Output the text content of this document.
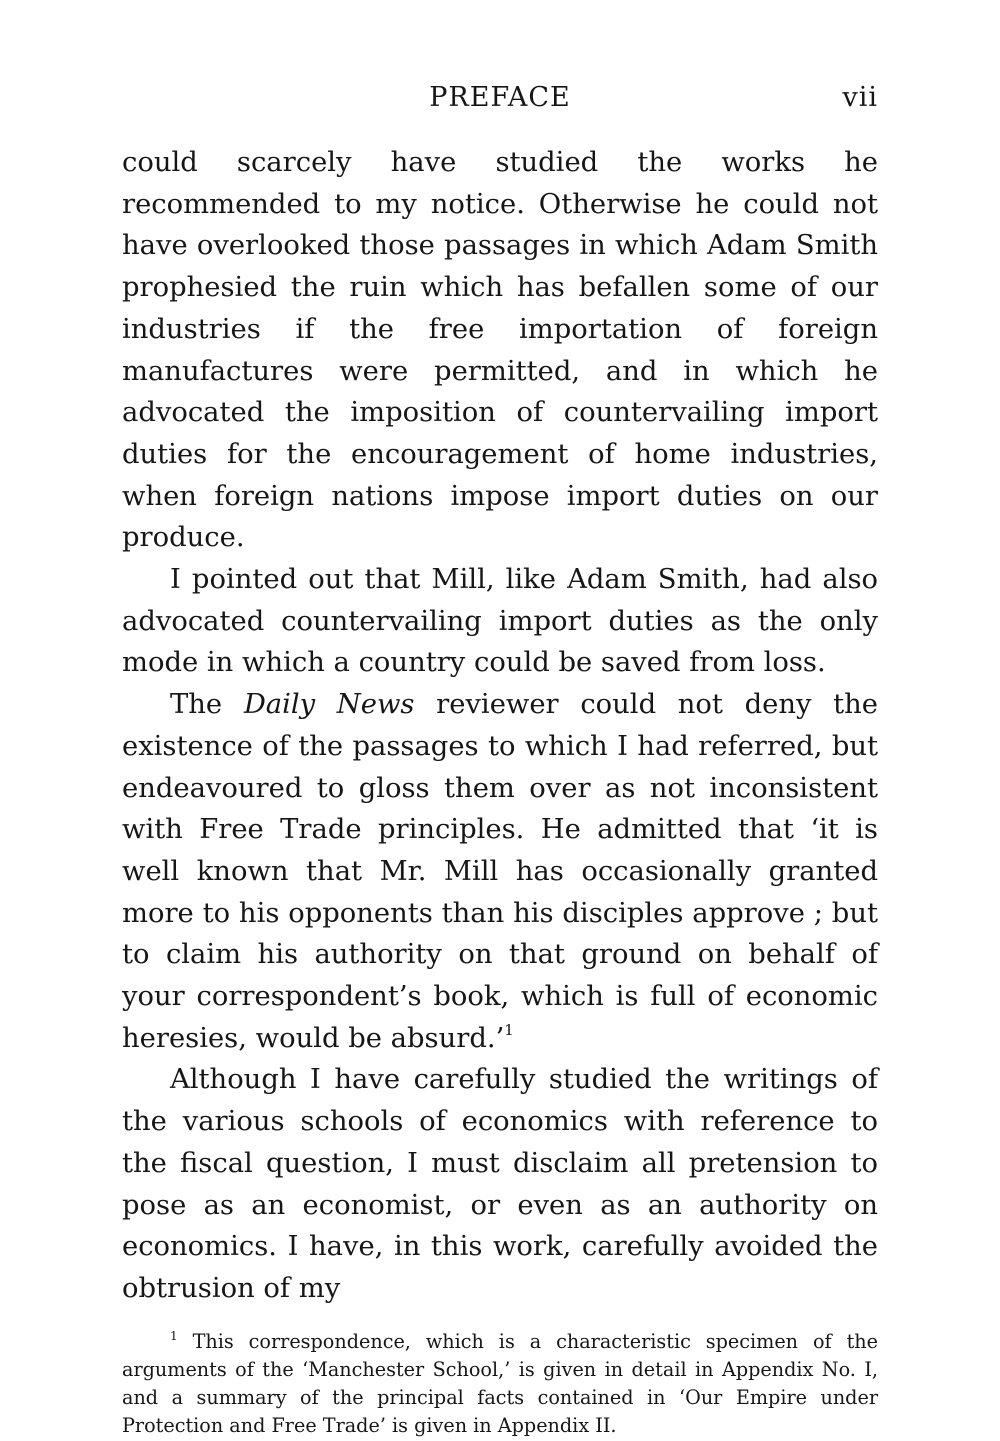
PREFACE	vii

could scarcely have studied the works he recommended to my notice. Otherwise he could not have overlooked those passages in which Adam Smith prophesied the ruin which has befallen some of our industries if the free importation of foreign manufactures were permitted, and in which he advocated the imposition of countervailing import duties for the encouragement of home industries, when foreign nations impose import duties on our produce.

I pointed out that Mill, like Adam Smith, had also advocated countervailing import duties as the only mode in which a country could be saved from loss.

The Daily News reviewer could not deny the existence of the passages to which I had referred, but endeavoured to gloss them over as not inconsistent with Free Trade principles. He admitted that ‘it is well known that Mr. Mill has occasionally granted more to his opponents than his disciples approve ; but to claim his authority on that ground on behalf of your correspondent’s book, which is full of economic heresies, would be absurd.’$^1$

Although I have carefully studied the writings of the various schools of economics with reference to the fiscal question, I must disclaim all pretension to pose as an economist, or even as an authority on economics. I have, in this work, carefully avoided the obtrusion of my

$^1$ This correspondence, which is a characteristic specimen of the arguments of the ‘Manchester School,’ is given in detail in Appendix No. I, and a summary of the principal facts contained in ‘Our Empire under Protection and Free Trade’ is given in Appendix II.
